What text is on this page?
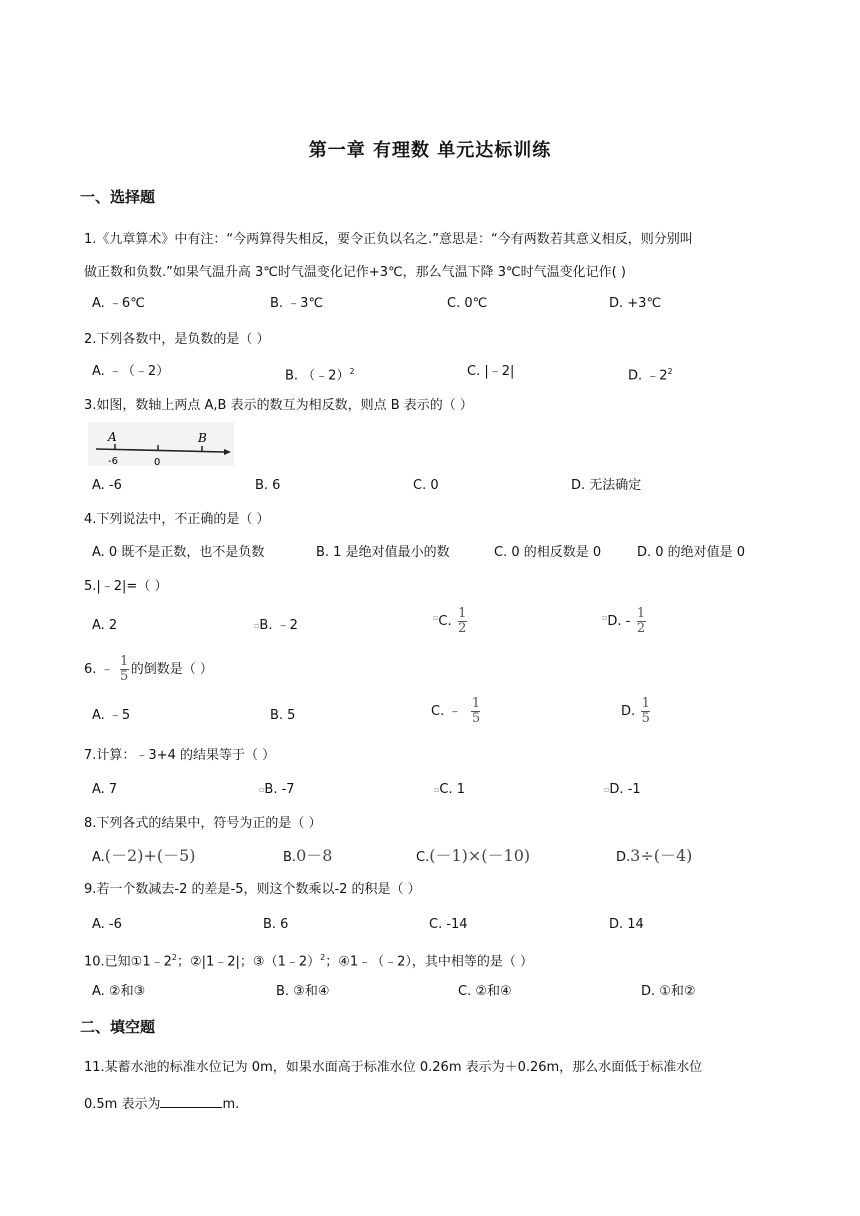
第一章 有理数 单元达标训练
一、选择题
1.《九章算术》中有注：“今两算得失相反，要令正负以名之.”意思是：“今有两数若其意义相反，则分别叫
做正数和负数.”如果气温升高 3℃时气温变化记作+3℃，那么气温下降 3℃时气温变化记作( )
A. ﹣6℃	B. ﹣3℃	C. 0℃	D. +3℃
2.下列各数中，是负数的是（ ）
A. ﹣（﹣2）	B. （﹣2）$^2$	C. |﹣2|	D. $﹣2^2$
3.如图，数轴上两点 A,B 表示的数互为相反数，则点 B 表示的（ ）
A	B
-6	0
A. -6	B. 6	C. 0	D. 无法确定
4.下列说法中，不正确的是（ ）
A. 0 既不是正数，也不是负数	B. 1 是绝对值最小的数	C. 0 的相反数是 0	D. 0 的绝对值是 0
5.|﹣2|=（ ）
A. 2	▫B. ﹣2
▫C. $\frac{1}{2}$	▫D. - $\frac{1}{2}$
6. ﹣ $\frac{1}{5}$ 的倒数是（ ）
A. ﹣5	B. 5	C. ﹣ $\frac{1}{5}$	D. $\frac{1}{5}$
7.计算：﹣3+4 的结果等于（ ）
A. 7	▫B. -7	▫C. 1	▫D. -1
8.下列各式的结果中，符号为正的是（ ）
A.(－2)+(－5)	B.0－8	C.(－1)×(－10)	D.3÷(－4)
9.若一个数减去-2 的差是-5，则这个数乘以-2 的积是（ ）
A. -6	B. 6	C. -14	D. 14
10.已知$①1﹣2^2$；②|1﹣2|；③（1﹣2）$^2$；④1﹣（﹣2），其中相等的是（ ）
A. ②和③	B. ③和④	C. ②和④	D. ①和②
二、填空题
11.某蓄水池的标准水位记为 0m，如果水面高于标准水位 0.26m 表示为＋0.26m，那么水面低于标准水位
0.5m 表示为	m.
